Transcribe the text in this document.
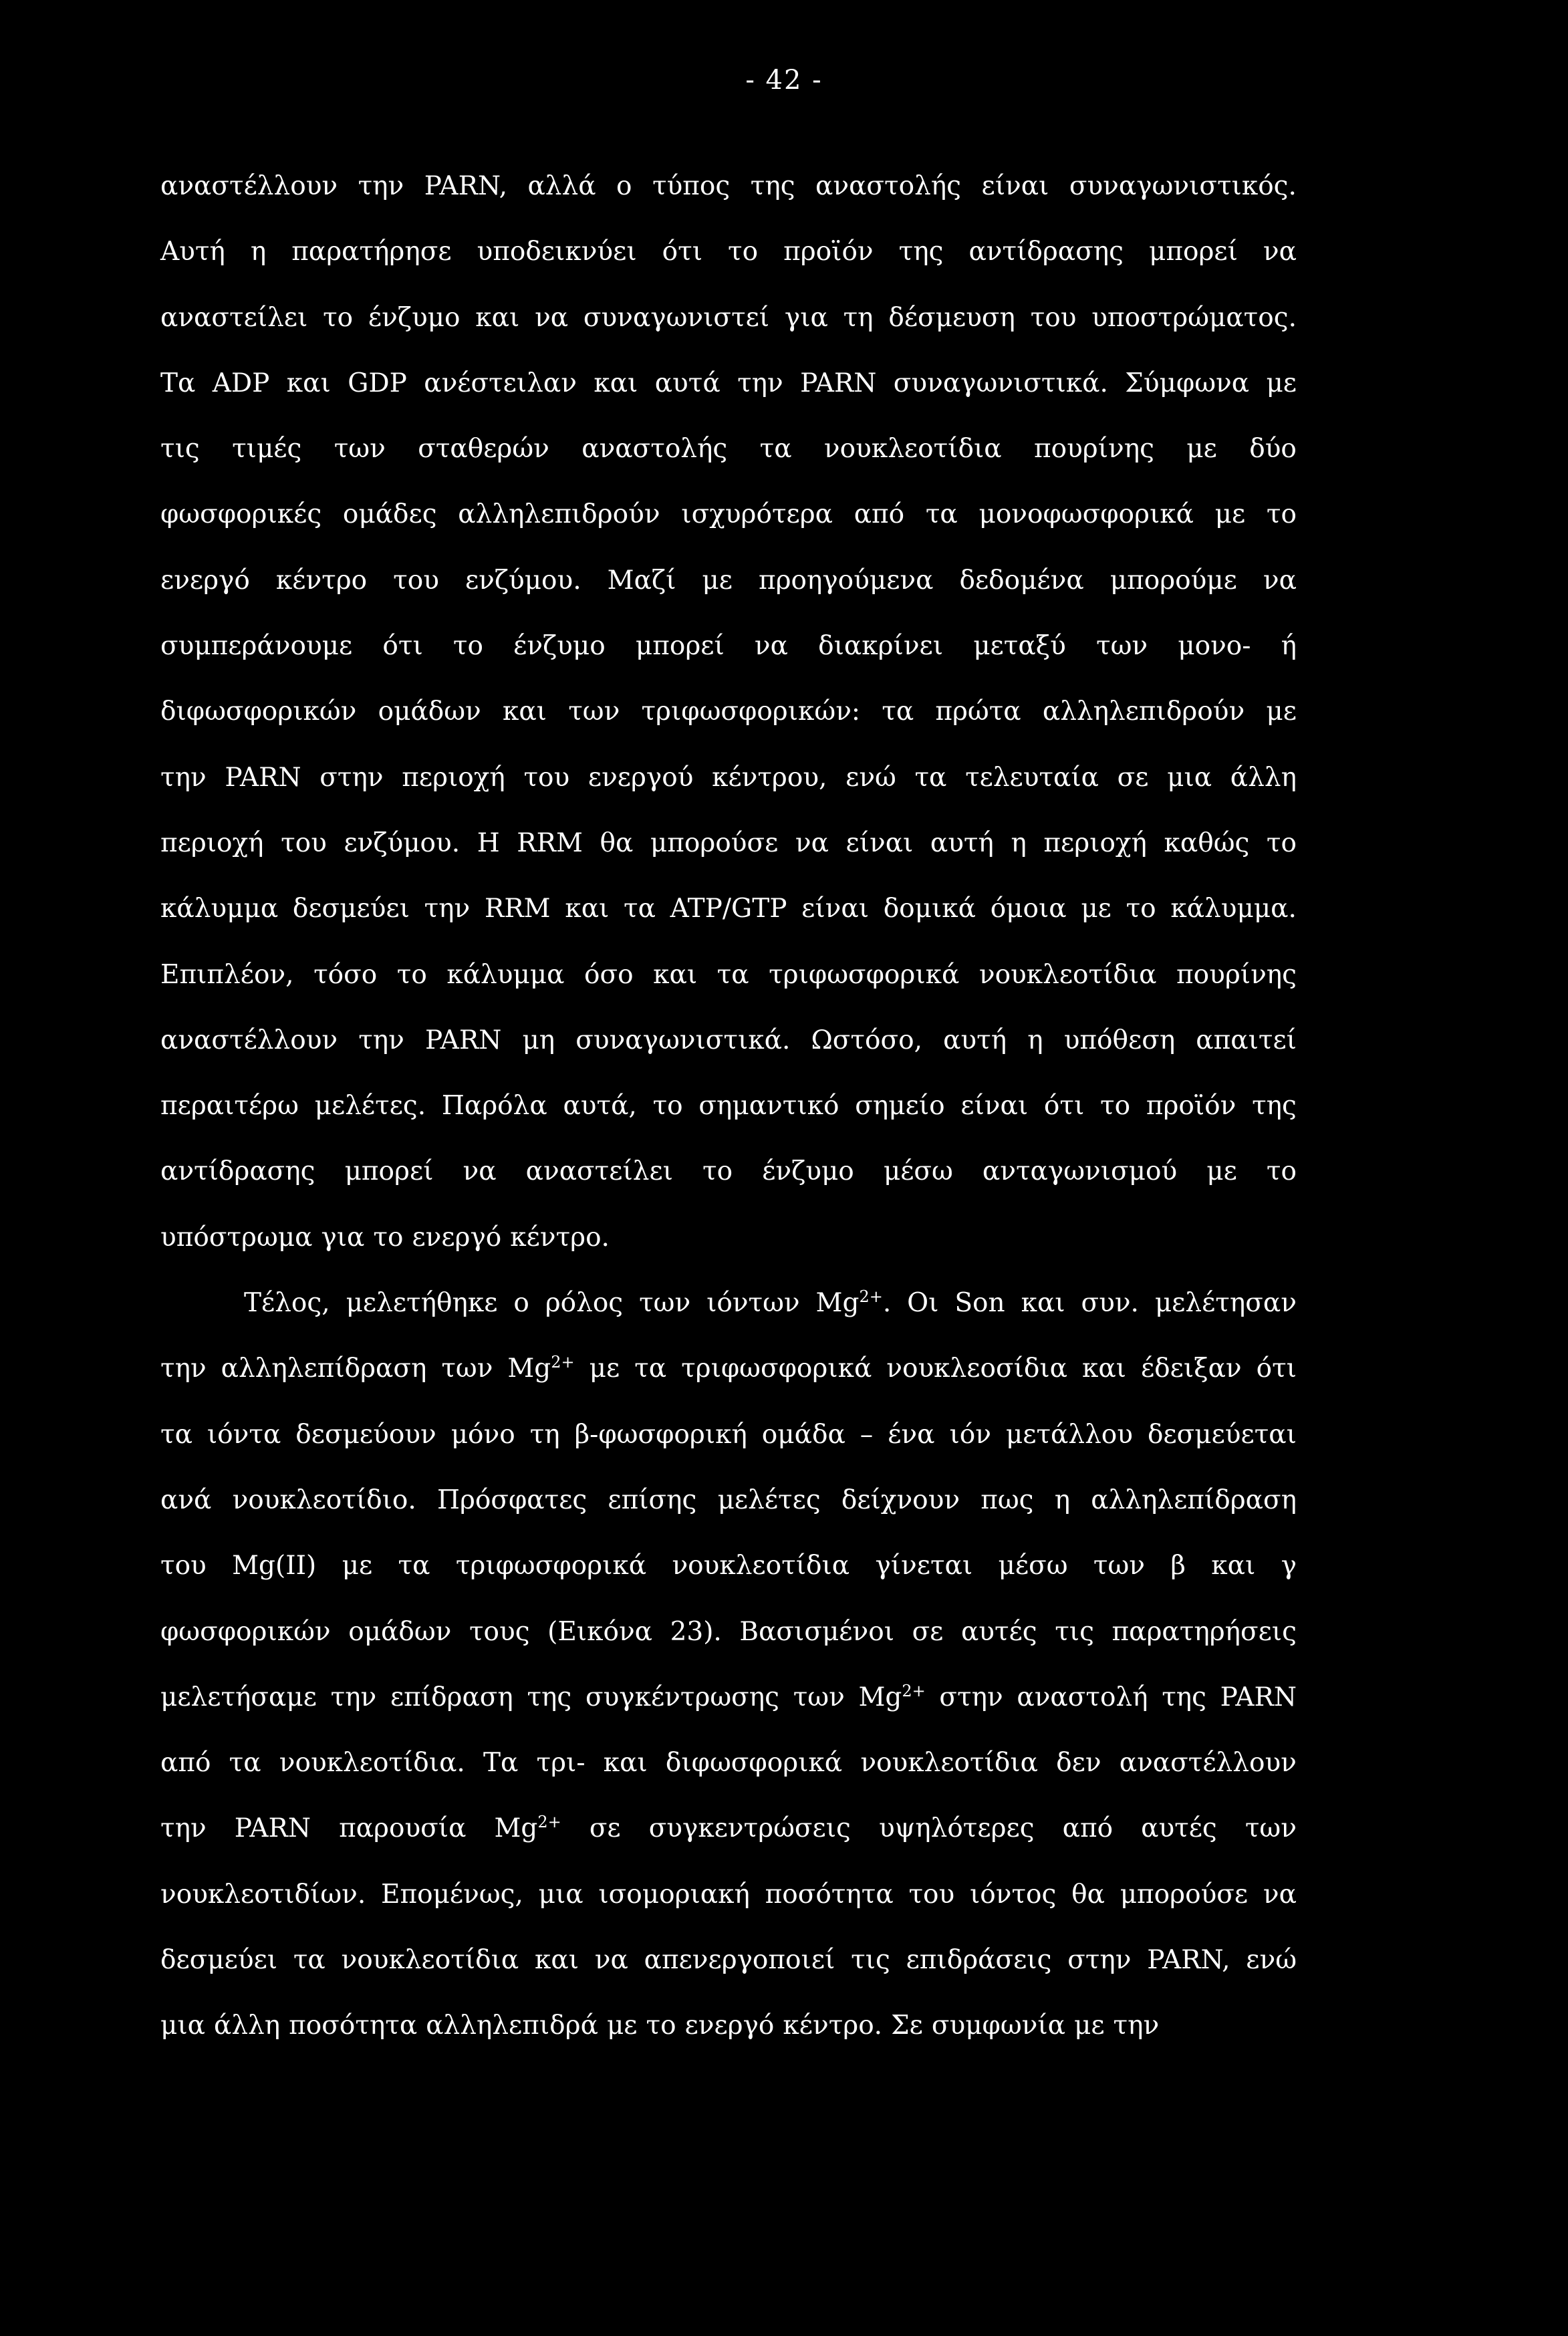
- 42 -
αναστέλλουν την PARN, αλλά ο τύπος της αναστολής είναι συναγωνιστικός.
Αυτή η παρατήρησε υποδεικνύει ότι το προϊόν της αντίδρασης μπορεί να
αναστείλει το ένζυμο και να συναγωνιστεί για τη δέσμευση του υποστρώματος.
Τα ADP και GDP ανέστειλαν και αυτά την PARN συναγωνιστικά. Σύμφωνα με
τις τιμές των σταθερών αναστολής τα νουκλεοτίδια πουρίνης με δύο
φωσφορικές ομάδες αλληλεπιδρούν ισχυρότερα από τα μονοφωσφορικά με το
ενεργό κέντρο του ενζύμου. Μαζί με προηγούμενα δεδομένα μπορούμε να
συμπεράνουμε ότι το ένζυμο μπορεί να διακρίνει μεταξύ των μονο- ή
διφωσφορικών ομάδων και των τριφωσφορικών: τα πρώτα αλληλεπιδρούν με
την PARN στην περιοχή του ενεργού κέντρου, ενώ τα τελευταία σε μια άλλη
περιοχή του ενζύμου. Η RRM θα μπορούσε να είναι αυτή η περιοχή καθώς το
κάλυμμα δεσμεύει την RRM και τα ATP/GTP είναι δομικά όμοια με το κάλυμμα.
Επιπλέον, τόσο το κάλυμμα όσο και τα τριφωσφορικά νουκλεοτίδια πουρίνης
αναστέλλουν την PARN μη συναγωνιστικά. Ωστόσο, αυτή η υπόθεση απαιτεί
περαιτέρω μελέτες. Παρόλα αυτά, το σημαντικό σημείο είναι ότι το προϊόν της
αντίδρασης μπορεί να αναστείλει το ένζυμο μέσω ανταγωνισμού με το
υπόστρωμα για το ενεργό κέντρο.
Τέλος, μελετήθηκε ο ρόλος των ιόντων $Mg^{2+}$. Οι Son και συν. μελέτησαν
την αλληλεπίδραση των $Mg^{2+}$ με τα τριφωσφορικά νουκλεοσίδια και έδειξαν ότι
τα ιόντα δεσμεύουν μόνο τη β-φωσφορική ομάδα – ένα ιόν μετάλλου δεσμεύεται
ανά νουκλεοτίδιο. Πρόσφατες επίσης μελέτες δείχνουν πως η αλληλεπίδραση
του Mg(II) με τα τριφωσφορικά νουκλεοτίδια γίνεται μέσω των β και γ
φωσφορικών ομάδων τους (Εικόνα 23). Βασισμένοι σε αυτές τις παρατηρήσεις
μελετήσαμε την επίδραση της συγκέντρωσης των $Mg^{2+}$ στην αναστολή της PARN
από τα νουκλεοτίδια. Τα τρι- και διφωσφορικά νουκλεοτίδια δεν αναστέλλουν
την PARN παρουσία $Mg^{2+}$ σε συγκεντρώσεις υψηλότερες από αυτές των
νουκλεοτιδίων. Επομένως, μια ισομοριακή ποσότητα του ιόντος θα μπορούσε να
δεσμεύει τα νουκλεοτίδια και να απενεργοποιεί τις επιδράσεις στην PARN, ενώ
μια άλλη ποσότητα αλληλεπιδρά με το ενεργό κέντρο. Σε συμφωνία με την
